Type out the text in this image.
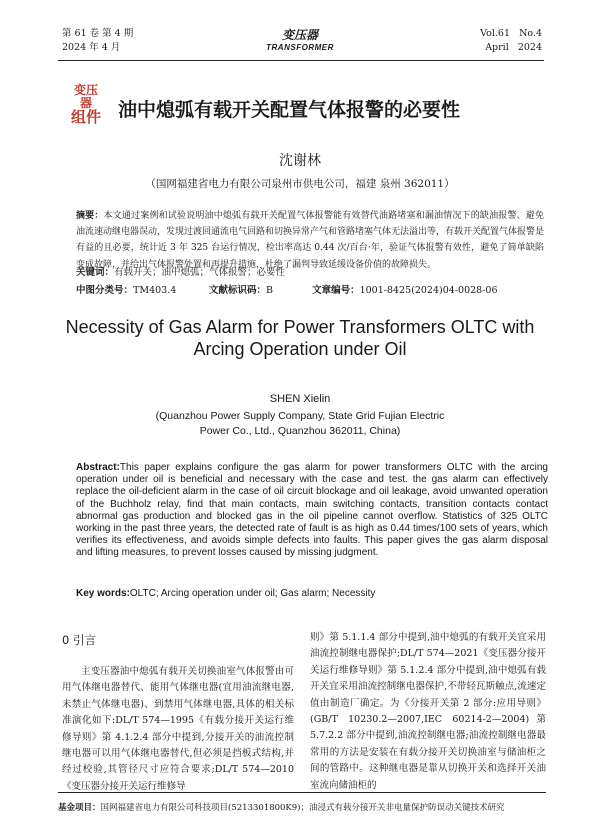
第 61 卷 第 4 期
2024 年 4 月
变压器
TRANSFORMER
Vol.61 No.4
April 2024
变压
器
组件 油中熄弧有载开关配置气体报警的必要性
沈谢林
（国网福建省电力有限公司泉州市供电公司，福建 泉州 362011）
摘要：本文通过案例和试验说明油中熄弧有载开关配置气体报警能有效替代油路堵塞和漏油情况下的缺油报警、避免油流速动继电器误动，发现过渡回通流电气回路和切换异常产气和管路堵塞气体无法溢出等，有载开关配置气体报警是有益的且必要，统计近 3 年 325 台运行情况，检出率高达 0.44 次/百台·年，验证气体报警有效性，避免了简单缺陷变成故障，并给出气体报警处置和再提升措施，杜绝了漏判导致延缓设备价值的故障损失。
关键词：有载开关；油中熄弧；气体报警；必要性
中图分类号：TM403.4	文献标识码：B	文章编号：1001-8425(2024)04-0028-06
Necessity of Gas Alarm for Power Transformers OLTC with Arcing Operation under Oil
SHEN Xielin
(Quanzhou Power Supply Company, State Grid Fujian Electric
Power Co., Ltd., Quanzhou 362011, China)
Abstract:This paper explains configure the gas alarm for power transformers OLTC with the arcing operation under oil is beneficial and necessary with the case and test. the gas alarm can effectively replace the oil-deficient alarm in the case of oil circuit blockage and oil leakage, avoid unwanted operation of the Buchholz relay, find that main contacts, main switching contacts, transition contacts contact abnormal gas production and blocked gas in the oil pipeline cannot overflow. Statistics of 325 OLTC working in the past three years, the detected rate of fault is as high as 0.44 times/100 sets of years, which verifies its effectiveness, and avoids simple defects into faults. This paper gives the gas alarm disposal and lifting measures, to prevent losses caused by missing judgment.
Key words:OLTC; Arcing operation under oil; Gas alarm; Necessity
0 引言
主变压器油中熄弧有载开关切换油室气体报警由可用气体继电器替代、能用气体继电器(宜用油流继电器,未禁止气体继电器)、到禁用气体继电器,具体的相关标准演化如下:DL/T 574—1995《有载分接开关运行维修导则》第 4.1.2.4 部分中提到,分接开关的油流控制继电器可以用气体继电器替代,但必须是挡板式结构,并经过校验,其管径尺寸应符合要求;DL/T 574—2010《变压器分接开关运行维修导
则》第 5.1.1.4 部分中提到,油中熄弧的有载开关宜采用油流控制继电器保护;DL/T 574—2021《变压器分接开关运行维修导则》第 5.1.2.4 部分中提到,油中熄弧有载开关宜采用油流控制继电器保护,不带轻瓦斯触点,流速定值由制造厂确定。为《分接开关第 2 部分:应用导则》(GB/T 10230.2—2007,IEC 60214-2—2004)第 5.7.2.2 部分中提到,油流控制继电器;油流控制继电器最常用的方法是安装在有载分接开关切换油室与储油柜之间的管路中。这种继电器是靠从切换开关和选择开关油室流向储油柜的
基金项目：国网福建省电力有限公司科技项目(5213301800K9)；油浸式有载分接开关非电量保护防误动关键技术研究
